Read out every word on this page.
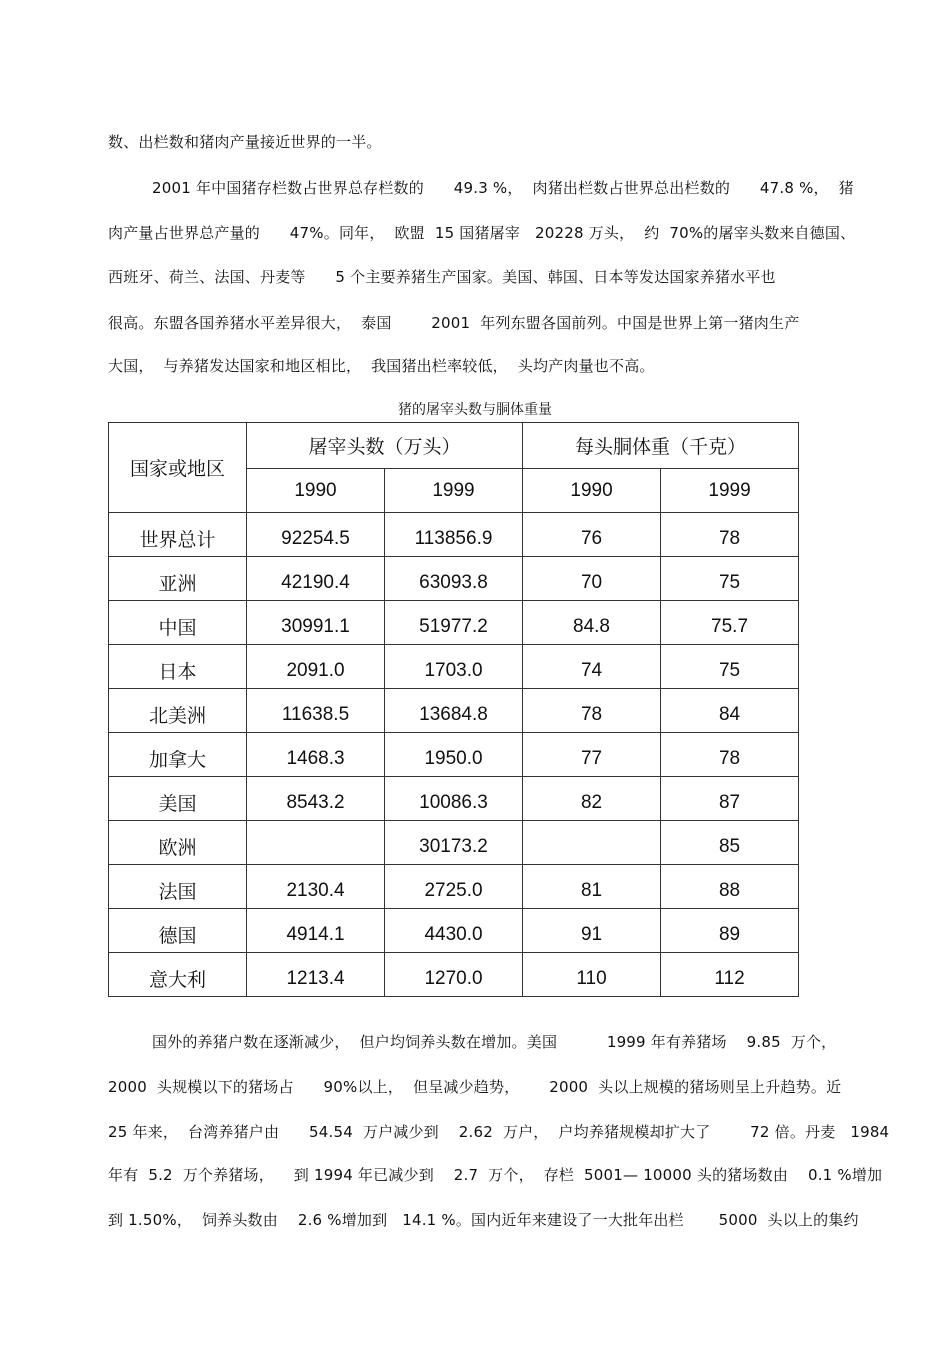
数、出栏数和猪肉产量接近世界的一半。
2001 年中国猪存栏数占世界总存栏数的      49.3 %，  肉猪出栏数占世界总出栏数的      47.8 %，  猪
肉产量占世界总产量的      47%。同年，  欧盟  15 国猪屠宰   20228 万头，  约  70%的屠宰头数来自德国、
西班牙、荷兰、法国、丹麦等      5 个主要养猪生产国家。美国、韩国、日本等发达国家养猪水平也
很高。东盟各国养猪水平差异很大，  泰国        2001  年列东盟各国前列。中国是世界上第一猪肉生产
大国，  与养猪发达国家和地区相比，  我国猪出栏率较低，  头均产肉量也不高。
猪的屠宰头数与胴体重量
国家或地区	屠宰头数（万头）		每头胴体重（千克）	
	1990	1999	1990	1999
世界总计	92254.5	113856.9	76	78
亚洲	42190.4	63093.8	70	75
中国	30991.1	51977.2	84.8	75.7
日本	2091.0	1703.0	74	75
北美洲	11638.5	13684.8	78	84
加拿大	1468.3	1950.0	77	78
美国	8543.2	10086.3	82	87
欧洲		30173.2		85
法国	2130.4	2725.0	81	88
德国	4914.1	4430.0	91	89
意大利	1213.4	1270.0	110	112
国外的养猪户数在逐渐减少，  但户均饲养头数在增加。美国          1999 年有养猪场    9.85  万个，
2000  头规模以下的猪场占      90%以上，  但呈减少趋势，      2000  头以上规模的猪场则呈上升趋势。近
25 年来，  台湾养猪户由      54.54  万户减少到    2.62  万户，  户均养猪规模却扩大了        72 倍。丹麦   1984
年有  5.2  万个养猪场，    到 1994 年已减少到    2.7  万个，  存栏  5001— 10000 头的猪场数由    0.1 %增加
到 1.50%，  饲养头数由    2.6 %增加到   14.1 %。国内近年来建设了一大批年出栏       5000  头以上的集约
